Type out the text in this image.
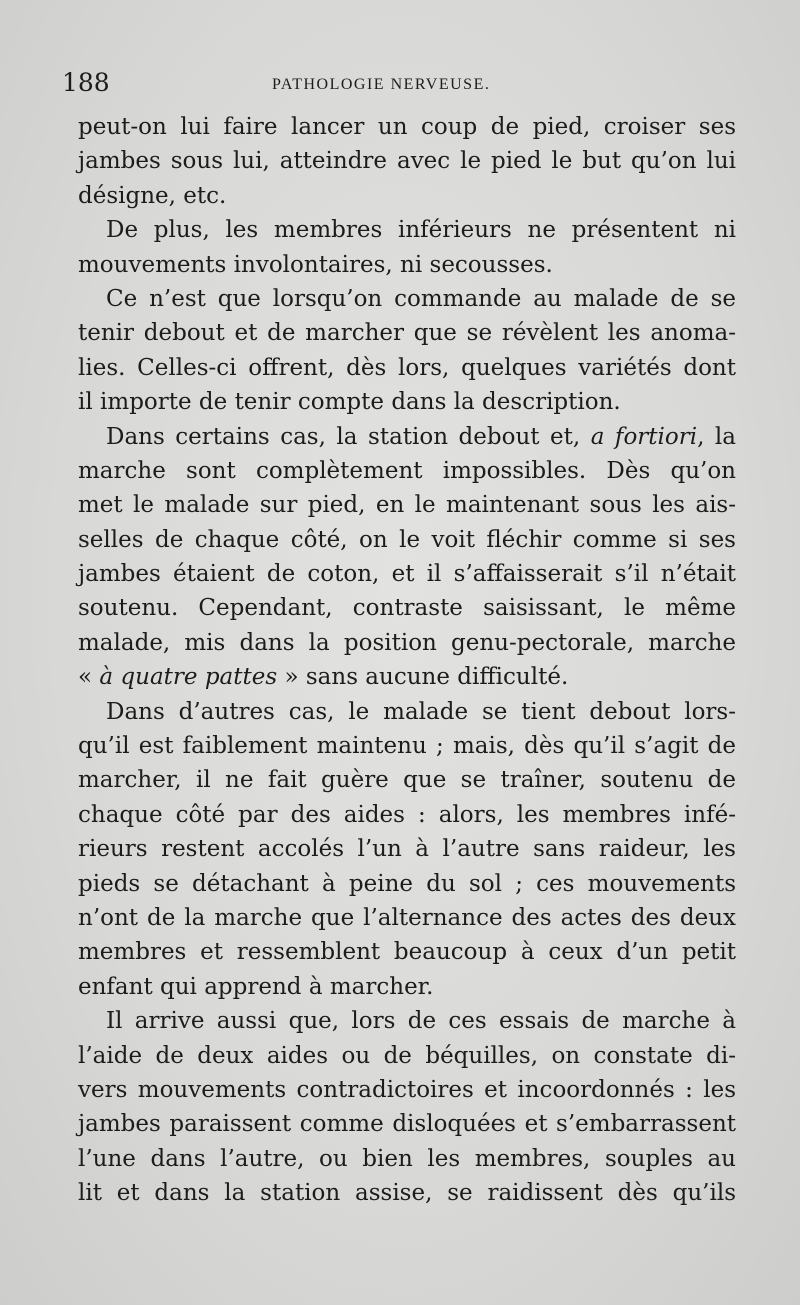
188	PATHOLOGIE NERVEUSE.
peut-on lui faire lancer un coup de pied, croiser ses
jambes sous lui, atteindre avec le pied le but qu’on lui
désigne, etc.
De plus, les membres inférieurs ne présentent ni
mouvements involontaires, ni secousses.
Ce n’est que lorsqu’on commande au malade de se
tenir debout et de marcher que se révèlent les anoma-
lies. Celles-ci offrent, dès lors, quelques variétés dont
il importe de tenir compte dans la description.
Dans certains cas, la station debout et, a fortiori, la
marche sont complètement impossibles. Dès qu’on
met le malade sur pied, en le maintenant sous les ais-
selles de chaque côté, on le voit fléchir comme si ses
jambes étaient de coton, et il s’affaisserait s’il n’était
soutenu. Cependant, contraste saisissant, le même
malade, mis dans la position genu-pectorale, marche
« à quatre pattes » sans aucune difficulté.
Dans d’autres cas, le malade se tient debout lors-
qu’il est faiblement maintenu ; mais, dès qu’il s’agit de
marcher, il ne fait guère que se traîner, soutenu de
chaque côté par des aides : alors, les membres infé-
rieurs restent accolés l’un à l’autre sans raideur, les
pieds se détachant à peine du sol ; ces mouvements
n’ont de la marche que l’alternance des actes des deux
membres et ressemblent beaucoup à ceux d’un petit
enfant qui apprend à marcher.
Il arrive aussi que, lors de ces essais de marche à
l’aide de deux aides ou de béquilles, on constate di-
vers mouvements contradictoires et incoordonnés : les
jambes paraissent comme disloquées et s’embarrassent
l’une dans l’autre, ou bien les membres, souples au
lit et dans la station assise, se raidissent dès qu’ils
